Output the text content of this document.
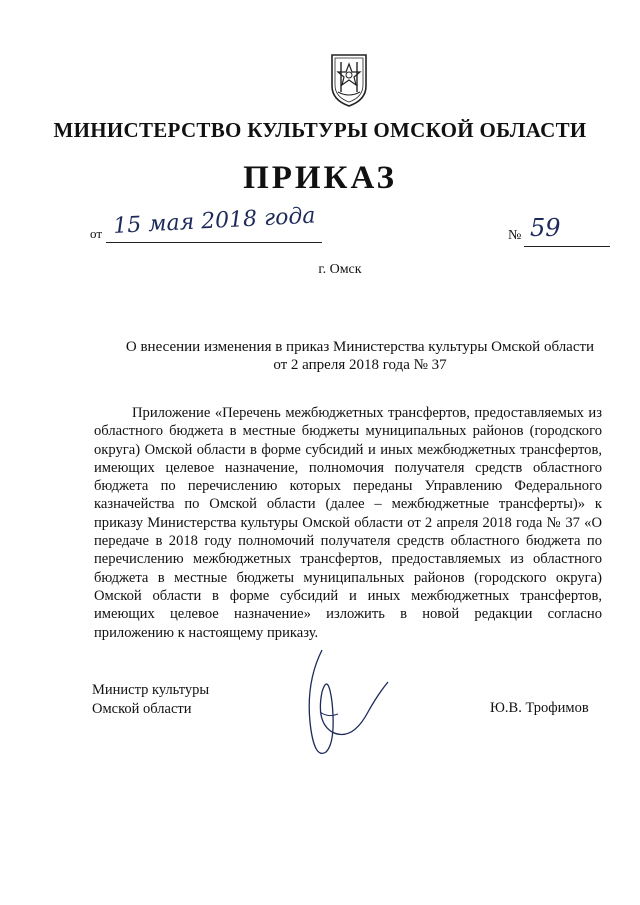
МИНИСТЕРСТВО КУЛЬТУРЫ ОМСКОЙ ОБЛАСТИ
ПРИКАЗ
от 15 мая 2018 года	№ 59
г. Омск
О внесении изменения в приказ Министерства культуры Омской области
от 2 апреля 2018 года № 37
Приложение «Перечень межбюджетных трансфертов, предоставляемых из областного бюджета в местные бюджеты муниципальных районов (городского округа) Омской области в форме субсидий и иных межбюджетных трансфертов, имеющих целевое назначение, полномочия получателя средств областного бюджета по перечислению которых переданы Управлению Федерального казначейства по Омской области (далее – межбюджетные трансферты)» к приказу Министерства культуры Омской области от 2 апреля 2018 года № 37 «О передаче в 2018 году полномочий получателя средств областного бюджета по перечислению межбюджетных трансфертов, предоставляемых из областного бюджета в местные бюджеты муниципальных районов (городского округа) Омской области в форме субсидий и иных межбюджетных трансфертов, имеющих целевое назначение» изложить в новой редакции согласно приложению к настоящему приказу.
Министр культуры
Омской области	Ю.В. Трофимов
